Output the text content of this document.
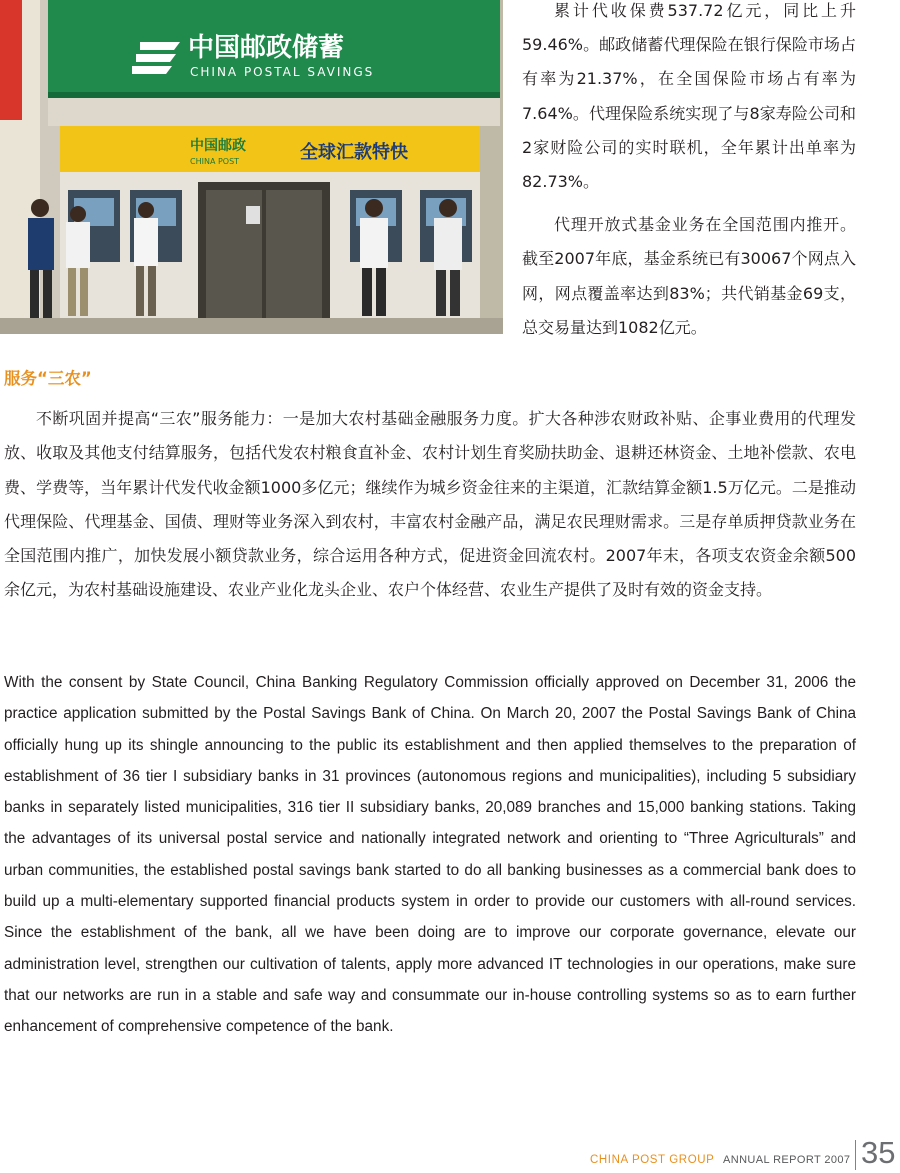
中国邮政储蓄
CHINA POSTAL SAVINGS
中国邮政
CHINA POST	全球汇款特快

累计代收保费537.72亿元，同比上升59.46%。邮政储蓄代理保险在银行保险市场占有率为21.37%，在全国保险市场占有率为7.64%。代理保险系统实现了与8家寿险公司和2家财险公司的实时联机，全年累计出单率为82.73%。

代理开放式基金业务在全国范围内推开。截至2007年底，基金系统已有30067个网点入网，网点覆盖率达到83%；共代销基金69支，总交易量达到1082亿元。

服务“三农”

不断巩固并提高“三农”服务能力：一是加大农村基础金融服务力度。扩大各种涉农财政补贴、企事业费用的代理发放、收取及其他支付结算服务，包括代发农村粮食直补金、农村计划生育奖励扶助金、退耕还林资金、土地补偿款、农电费、学费等，当年累计代发代收金额1000多亿元；继续作为城乡资金往来的主渠道，汇款结算金额1.5万亿元。二是推动代理保险、代理基金、国债、理财等业务深入到农村，丰富农村金融产品，满足农民理财需求。三是存单质押贷款业务在全国范围内推广，加快发展小额贷款业务，综合运用各种方式，促进资金回流农村。2007年末，各项支农资金余额500余亿元，为农村基础设施建设、农业产业化龙头企业、农户个体经营、农业生产提供了及时有效的资金支持。

With the consent by State Council, China Banking Regulatory Commission officially approved on December 31, 2006 the practice application submitted by the Postal Savings Bank of China. On March 20, 2007 the Postal Savings Bank of China officially hung up its shingle announcing to the public its establishment and then applied themselves to the preparation of establishment of 36 tier I subsidiary banks in 31 provinces (autonomous regions and municipalities), including 5 subsidiary banks in separately listed municipalities, 316 tier II subsidiary banks, 20,089 branches and 15,000 banking stations. Taking the advantages of its universal postal service and nationally integrated network and orienting to “Three Agriculturals” and urban communities, the established postal savings bank started to do all banking businesses as a commercial bank does to build up a multi-elementary supported financial products system in order to provide our customers with all-round services. Since the establishment of the bank, all we have been doing are to improve our corporate governance, elevate our administration level, strengthen our cultivation of talents, apply more advanced IT technologies in our operations, make sure that our networks are run in a stable and safe way and consummate our in-house controlling systems so as to earn further enhancement of comprehensive competence of the bank.

CHINA POST GROUP ANNUAL REPORT 2007 35
